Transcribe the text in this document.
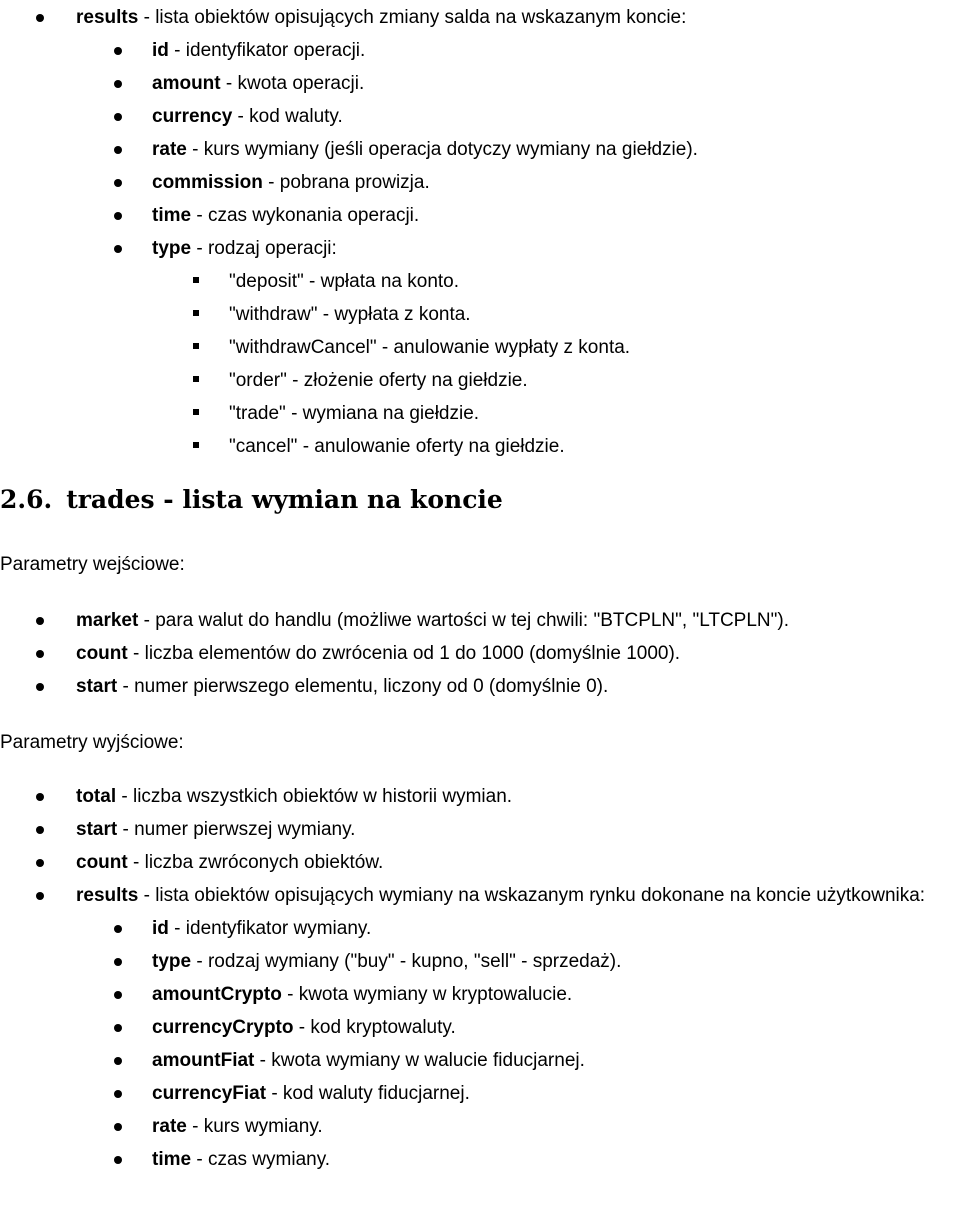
results - lista obiektów opisujących zmiany salda na wskazanym koncie:
id - identyfikator operacji.
amount - kwota operacji.
currency - kod waluty.
rate - kurs wymiany (jeśli operacja dotyczy wymiany na giełdzie).
commission - pobrana prowizja.
time - czas wykonania operacji.
type - rodzaj operacji:
"deposit" - wpłata na konto.
"withdraw" - wypłata z konta.
"withdrawCancel" - anulowanie wypłaty z konta.
"order" - złożenie oferty na giełdzie.
"trade" - wymiana na giełdzie.
"cancel" - anulowanie oferty na giełdzie.
2.6. trades - lista wymian na koncie
Parametry wejściowe:
market - para walut do handlu (możliwe wartości w tej chwili: "BTCPLN", "LTCPLN").
count - liczba elementów do zwrócenia od 1 do 1000 (domyślnie 1000).
start - numer pierwszego elementu, liczony od 0 (domyślnie 0).
Parametry wyjściowe:
total - liczba wszystkich obiektów w historii wymian.
start - numer pierwszej wymiany.
count - liczba zwróconych obiektów.
results - lista obiektów opisujących wymiany na wskazanym rynku dokonane na koncie użytkownika:
id - identyfikator wymiany.
type - rodzaj wymiany ("buy" - kupno, "sell" - sprzedaż).
amountCrypto - kwota wymiany w kryptowalucie.
currencyCrypto - kod kryptowaluty.
amountFiat - kwota wymiany w walucie fiducjarnej.
currencyFiat - kod waluty fiducjarnej.
rate - kurs wymiany.
time - czas wymiany.
